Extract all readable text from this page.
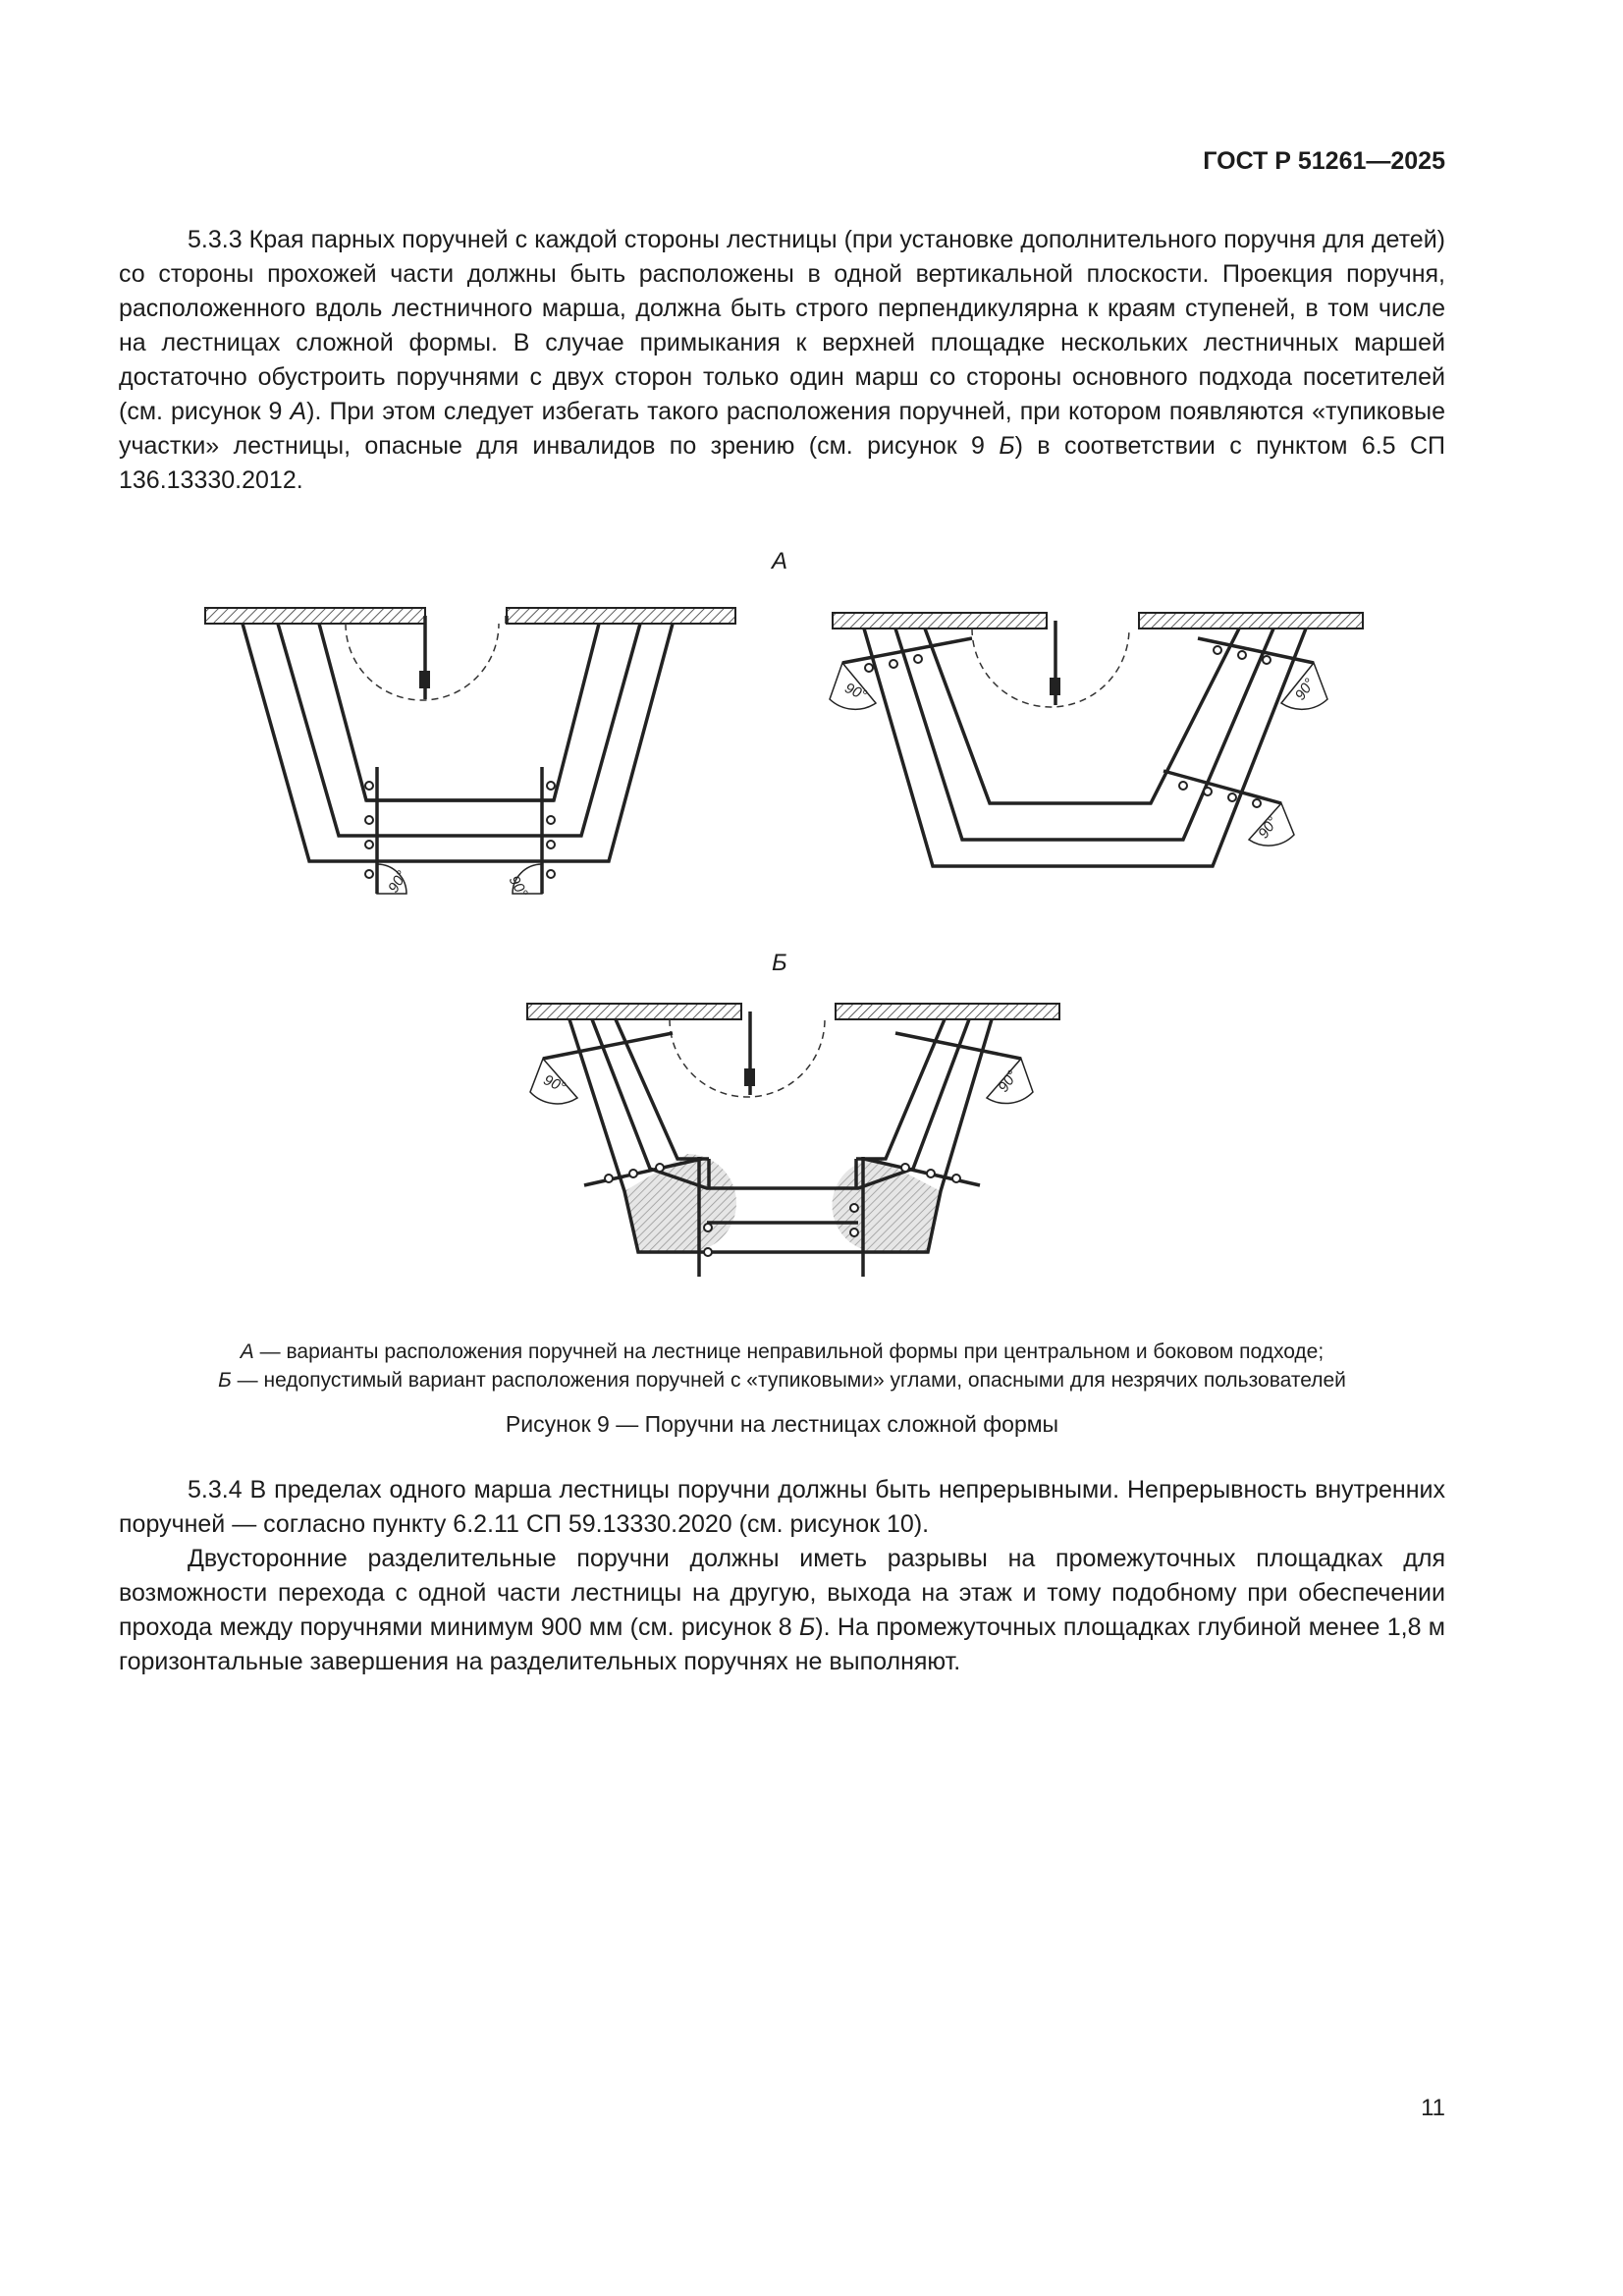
ГОСТ Р 51261—2025

5.3.3 Края парных поручней с каждой стороны лестницы (при установке дополнительного поручня для детей) со стороны прохожей части должны быть расположены в одной вертикальной плоскости. Проекция поручня, расположенного вдоль лестничного марша, должна быть строго перпендикулярна к краям ступеней, в том числе на лестницах сложной формы. В случае примыкания к верхней площадке нескольких лестничных маршей достаточно обустроить поручнями с двух сторон только один марш со стороны основного подхода посетителей (см. рисунок 9 А). При этом следует избегать такого расположения поручней, при котором появляются «тупиковые участки» лестницы, опасные для инвалидов по зрению (см. рисунок 9 Б) в соответствии с пунктом 6.5 СП 136.13330.2012.

А
Б
90°	90°
90°	90°
90°
90°	90°
А — варианты расположения поручней на лестнице неправильной формы при центральном и боковом подходе;
Б — недопустимый вариант расположения поручней с «тупиковыми» углами, опасными для незрячих пользователей
Рисунок 9 — Поручни на лестницах сложной формы

5.3.4 В пределах одного марша лестницы поручни должны быть непрерывными. Непрерывность внутренних поручней — согласно пункту 6.2.11 СП 59.13330.2020 (см. рисунок 10).

Двусторонние разделительные поручни должны иметь разрывы на промежуточных площадках для возможности перехода с одной части лестницы на другую, выхода на этаж и тому подобному при обеспечении прохода между поручнями минимум 900 мм (см. рисунок 8 Б). На промежуточных площадках глубиной менее 1,8 м горизонтальные завершения на разделительных поручнях не выполняют.

11
